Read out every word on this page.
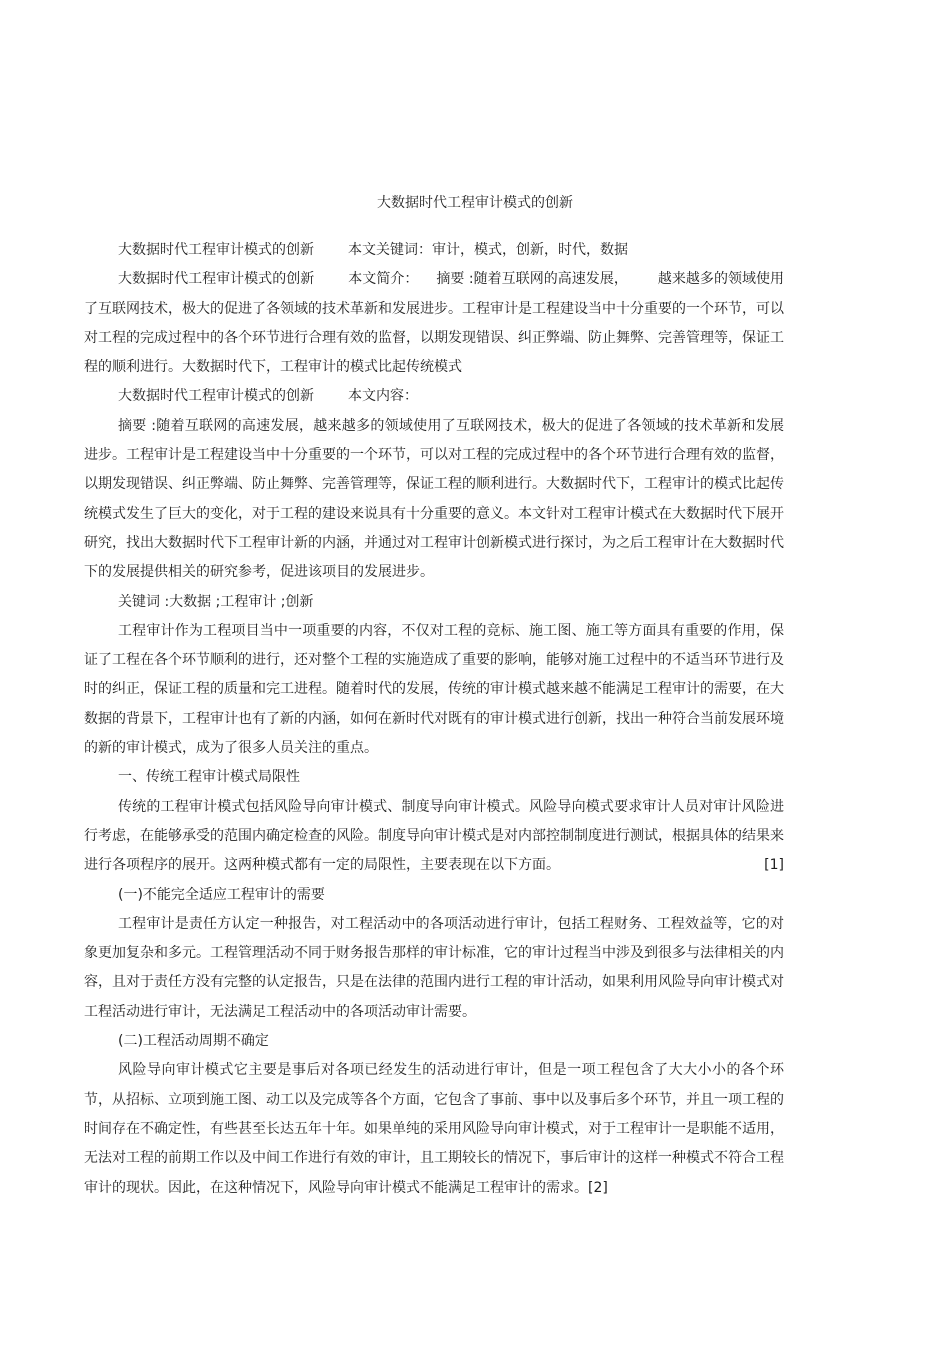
大数据时代工程审计模式的创新

大数据时代工程审计模式的创新 本文关键词：审计，模式，创新，时代，数据

大数据时代工程审计模式的创新 本文简介： 摘要 :随着互联网的高速发展， 越来越多的领域使用了互联网技术，极大的促进了各领域的技术革新和发展进步。工程审计是工程建设当中十分重要的一个环节，可以对工程的完成过程中的各个环节进行合理有效的监督，以期发现错误、纠正弊端、防止舞弊、完善管理等，保证工程的顺利进行。大数据时代下，工程审计的模式比起传统模式

大数据时代工程审计模式的创新 本文内容：

摘要 :随着互联网的高速发展，越来越多的领域使用了互联网技术，极大的促进了各领域的技术革新和发展进步。工程审计是工程建设当中十分重要的一个环节，可以对工程的完成过程中的各个环节进行合理有效的监督，以期发现错误、纠正弊端、防止舞弊、完善管理等，保证工程的顺利进行。大数据时代下，工程审计的模式比起传统模式发生了巨大的变化，对于工程的建设来说具有十分重要的意义。本文针对工程审计模式在大数据时代下展开研究，找出大数据时代下工程审计新的内涵，并通过对工程审计创新模式进行探讨，为之后工程审计在大数据时代下的发展提供相关的研究参考，促进该项目的发展进步。

关键词 :大数据 ;工程审计 ;创新

工程审计作为工程项目当中一项重要的内容，不仅对工程的竞标、施工图、施工等方面具有重要的作用，保证了工程在各个环节顺利的进行，还对整个工程的实施造成了重要的影响，能够对施工过程中的不适当环节进行及时的纠正，保证工程的质量和完工进程。随着时代的发展，传统的审计模式越来越不能满足工程审计的需要，在大数据的背景下，工程审计也有了新的内涵，如何在新时代对既有的审计模式进行创新，找出一种符合当前发展环境的新的审计模式，成为了很多人员关注的重点。

一、传统工程审计模式局限性

传统的工程审计模式包括风险导向审计模式、制度导向审计模式。风险导向模式要求审计人员对审计风险进行考虑，在能够承受的范围内确定检查的风险。制度导向审计模式是对内部控制制度进行测试，根据具体的结果来进行各项程序的展开。这两种模式都有一定的局限性，主要表现在以下方面。	[1]

(一)不能完全适应工程审计的需要

工程审计是责任方认定一种报告，对工程活动中的各项活动进行审计，包括工程财务、工程效益等，它的对象更加复杂和多元。工程管理活动不同于财务报告那样的审计标准，它的审计过程当中涉及到很多与法律相关的内容，且对于责任方没有完整的认定报告，只是在法律的范围内进行工程的审计活动，如果利用风险导向审计模式对工程活动进行审计，无法满足工程活动中的各项活动审计需要。

(二)工程活动周期不确定

风险导向审计模式它主要是事后对各项已经发生的活动进行审计，但是一项工程包含了大大小小的各个环节，从招标、立项到施工图、动工以及完成等各个方面，它包含了事前、事中以及事后多个环节，并且一项工程的时间存在不确定性，有些甚至长达五年十年。如果单纯的采用风险导向审计模式，对于工程审计一是职能不适用，无法对工程的前期工作以及中间工作进行有效的审计，且工期较长的情况下，事后审计的这样一种模式不符合工程审计的现状。因此，在这种情况下，风险导向审计模式不能满足工程审计的需求。[2]
